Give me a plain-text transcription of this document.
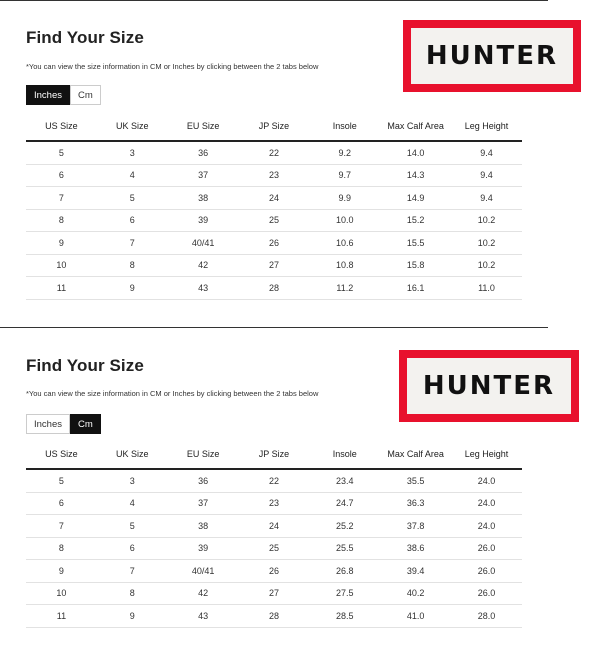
Find Your Size
*You can view the size information in CM or Inches by clicking between the 2 tabs below
Inches	Cm
HUNTER
US Size	UK Size	EU Size	JP Size	Insole	Max Calf Area	Leg Height
5	3	36	22	9.2	14.0	9.4
6	4	37	23	9.7	14.3	9.4
7	5	38	24	9.9	14.9	9.4
8	6	39	25	10.0	15.2	10.2
9	7	40/41	26	10.6	15.5	10.2
10	8	42	27	10.8	15.8	10.2
11	9	43	28	11.2	16.1	11.0
Find Your Size
*You can view the size information in CM or Inches by clicking between the 2 tabs below
Inches	Cm
HUNTER
US Size	UK Size	EU Size	JP Size	Insole	Max Calf Area	Leg Height
5	3	36	22	23.4	35.5	24.0
6	4	37	23	24.7	36.3	24.0
7	5	38	24	25.2	37.8	24.0
8	6	39	25	25.5	38.6	26.0
9	7	40/41	26	26.8	39.4	26.0
10	8	42	27	27.5	40.2	26.0
11	9	43	28	28.5	41.0	28.0
